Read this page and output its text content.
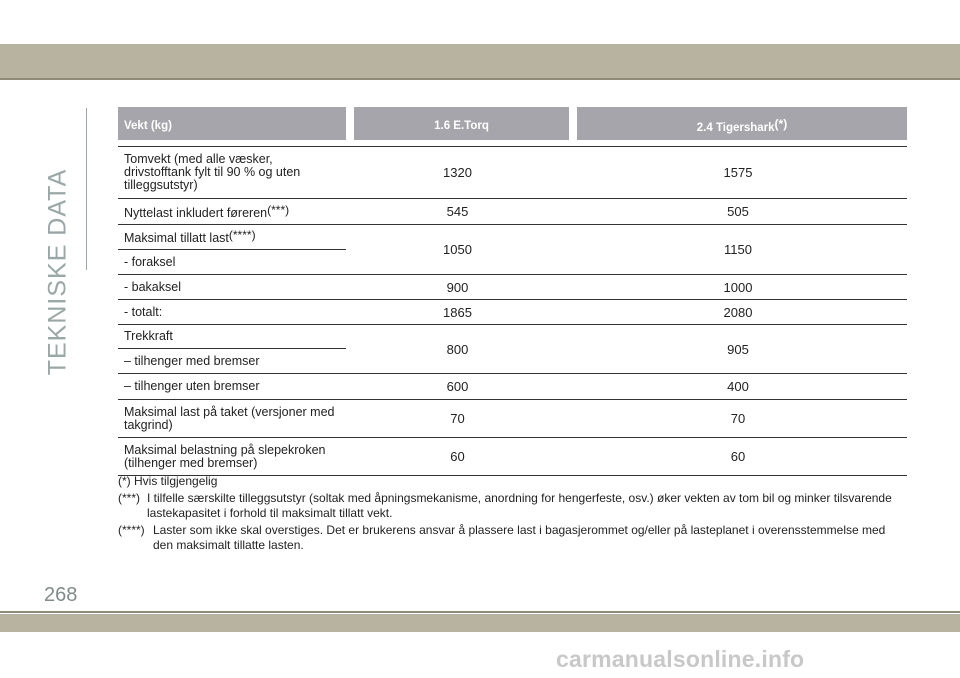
TEKNISKE DATA
Vekt (kg)		1.6 E.Torq		2.4 Tigershark(*)

Tomvekt (med alle væsker, drivstofftank fylt til 90 % og uten tilleggsutstyr)	1320		1575	
Nyttelast inkludert føreren(***)	545		505	
Maksimal tillatt last(****)	1050		1150	
- foraksel				
- bakaksel	900		1000	
- totalt:	1865		2080	
Trekkraft	800		905	
– tilhenger med bremser				
– tilhenger uten bremser	600		400	
Maksimal last på taket (versjoner med takgrind)	70		70	
Maksimal belastning på slepekroken (tilhenger med bremser)	60		60	
(*) Hvis tilgjengelig
(***) I tilfelle særskilte tilleggsutstyr (soltak med åpningsmekanisme, anordning for hengerfeste, osv.) øker vekten av tom bil og minker tilsvarende lastekapasitet i forhold til maksimalt tillatt vekt.
(****) Laster som ikke skal overstiges. Det er brukerens ansvar å plassere last i bagasjerommet og/eller på lasteplanet i overensstemmelse med den maksimalt tillatte lasten.
268
carmanualsonline.info
